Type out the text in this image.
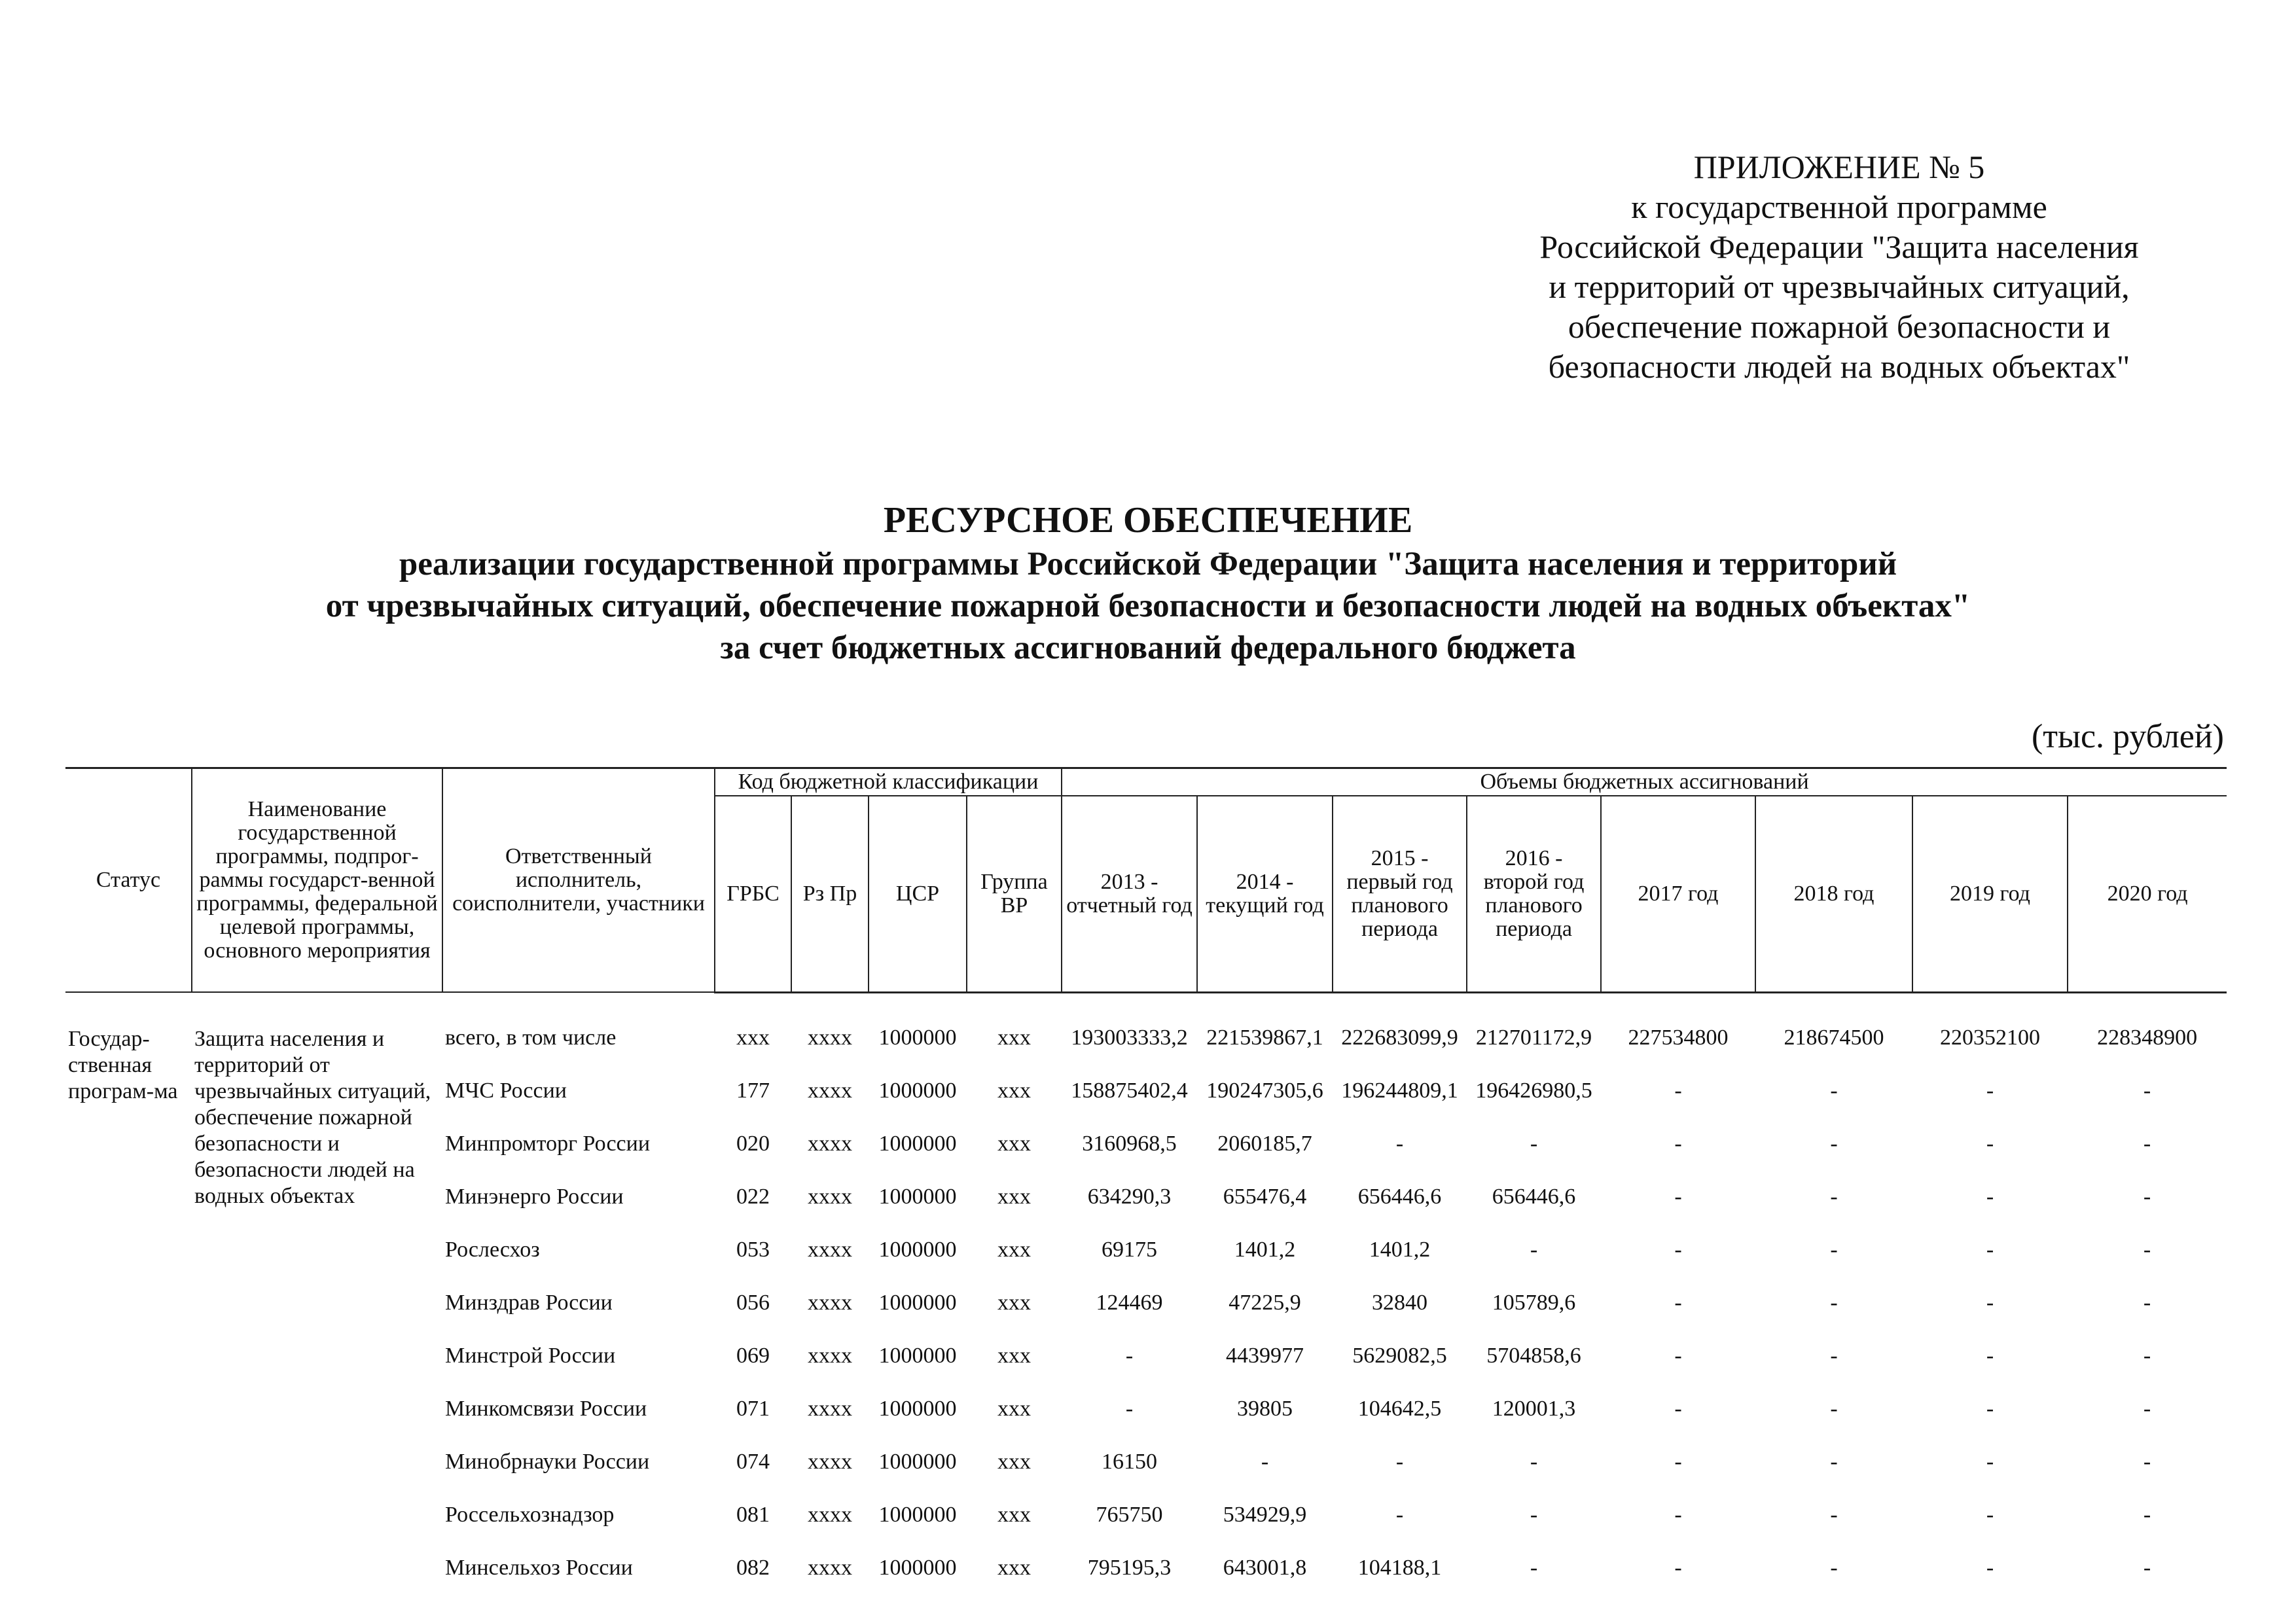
ПРИЛОЖЕНИЕ № 5
к государственной программе
Российской Федерации "Защита населения
и территорий от чрезвычайных ситуаций,
обеспечение пожарной безопасности и
безопасности людей на водных объектах"
РЕСУРСНОЕ ОБЕСПЕЧЕНИЕ
реализации государственной программы Российской Федерации "Защита населения и территорий
от чрезвычайных ситуаций, обеспечение пожарной безопасности и безопасности людей на водных объектах"
за счет бюджетных ассигнований федерального бюджета
(тыс. рублей)
Статус	Наименование государственной программы, подпрог-раммы государст-венной программы, федеральной целевой программы, основного мероприятия	Ответственный исполнитель, соисполнители, участники	Код бюджетной классификации				Объемы бюджетных ассигнований							
			ГРБС	Рз Пр	ЦСР	Группа ВР	2013 - отчетный год	2014 - текущий год	2015 - первый год планового периода	2016 - второй год планового периода	2017 год	2018 год	2019 год	2020 год

Государ-ственная програм-ма	Защита населения и территорий от чрезвычайных ситуаций, обеспечение пожарной безопасности и безопасности людей на водных объектах	всего, в том числе	ххх	хххх	1000000	ххх	193003333,2	221539867,1	222683099,9	212701172,9	227534800	218674500	220352100	228348900
		МЧС России	177	хххх	1000000	ххх	158875402,4	190247305,6	196244809,1	196426980,5	-	-	-	-
		Минпромторг России	020	хххх	1000000	ххх	3160968,5	2060185,7	-	-	-	-	-	-
		Минэнерго России	022	хххх	1000000	ххх	634290,3	655476,4	656446,6	656446,6	-	-	-	-
		Рослесхоз	053	хххх	1000000	ххх	69175	1401,2	1401,2	-	-	-	-	-
		Минздрав России	056	хххх	1000000	ххх	124469	47225,9	32840	105789,6	-	-	-	-
		Минстрой России	069	хххх	1000000	ххх	-	4439977	5629082,5	5704858,6	-	-	-	-
		Минкомсвязи России	071	хххх	1000000	ххх	-	39805	104642,5	120001,3	-	-	-	-
		Минобрнауки России	074	хххх	1000000	ххх	16150	-	-	-	-	-	-	-
		Россельхознадзор	081	хххх	1000000	ххх	765750	534929,9	-	-	-	-	-	-
		Минсельхоз России	082	хххх	1000000	ххх	795195,3	643001,8	104188,1	-	-	-	-	-
